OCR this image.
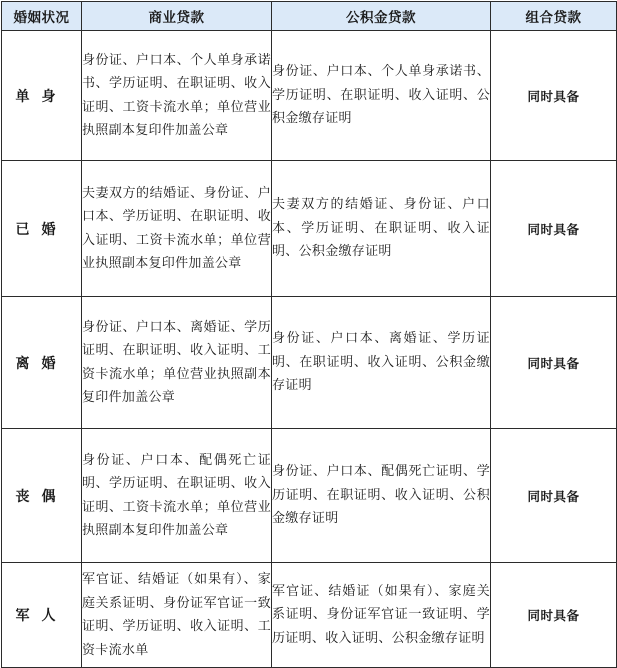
婚姻状况	商业贷款	公积金贷款	组合贷款
单身	身份证、户口本、个人单身承诺书、学历证明、在职证明、收入证明、工资卡流水单；单位营业执照副本复印件加盖公章	身份证、户口本、个人单身承诺书、学历证明、在职证明、收入证明、公积金缴存证明	同时具备
已婚	夫妻双方的结婚证、身份证、户口本、学历证明、在职证明、收入证明、工资卡流水单；单位营业执照副本复印件加盖公章	夫妻双方的结婚证、身份证、户口本、学历证明、在职证明、收入证明、公积金缴存证明	同时具备
离婚	身份证、户口本、离婚证、学历证明、在职证明、收入证明、工资卡流水单；单位营业执照副本复印件加盖公章	身份证、户口本、离婚证、学历证明、在职证明、收入证明、公积金缴存证明	同时具备
丧偶	身份证、户口本、配偶死亡证明、学历证明、在职证明、收入证明、工资卡流水单；单位营业执照副本复印件加盖公章	身份证、户口本、配偶死亡证明、学历证明、在职证明、收入证明、公积金缴存证明	同时具备
军人	军官证、结婚证（如果有）、家庭关系证明、身份证军官证一致证明、学历证明、收入证明、工资卡流水单	军官证、结婚证（如果有）、家庭关系证明、身份证军官证一致证明、学历证明、收入证明、公积金缴存证明	同时具备
